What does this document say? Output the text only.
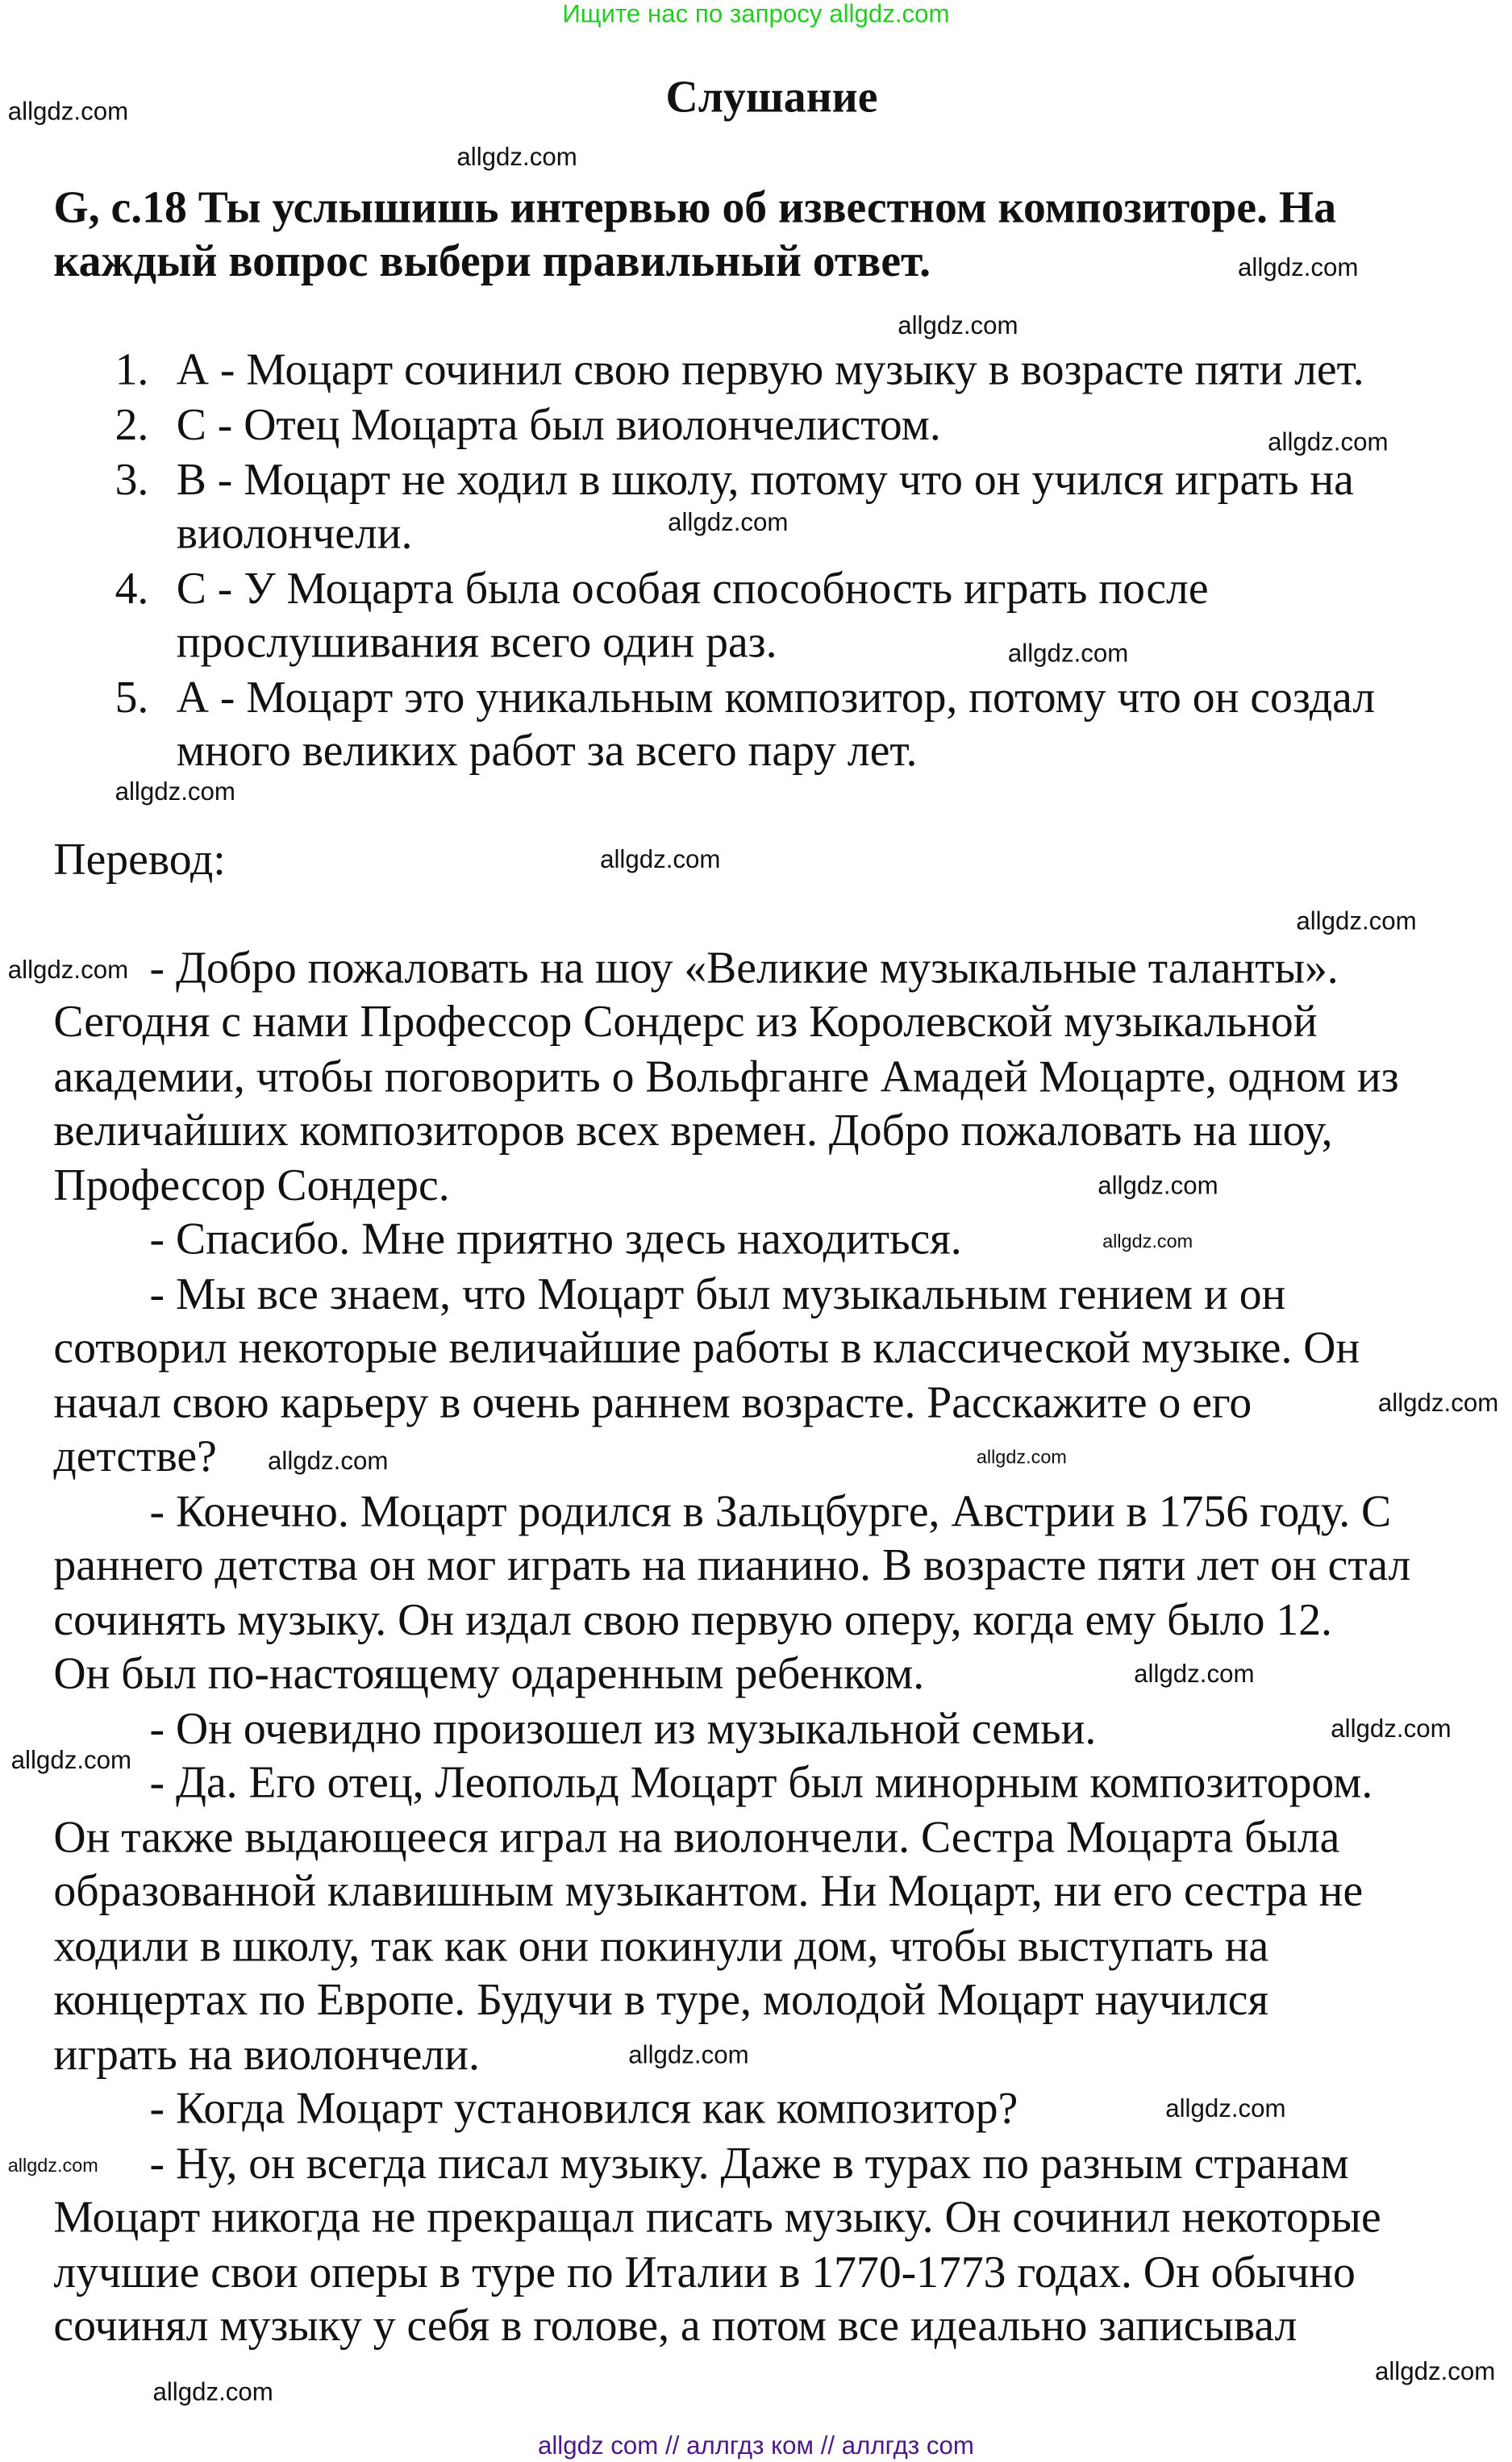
Ищите нас по запросу allgdz.com
Слушание
G, с.18 Ты услышишь интервью об известном композиторе. На
каждый вопрос выбери правильный ответ.
1. А - Моцарт сочинил свою первую музыку в возрасте пяти лет.
2. С - Отец Моцарта был виолончелистом.
3. В - Моцарт не ходил в школу, потому что он учился играть на
виолончели.
4. С - У Моцарта была особая способность играть после
прослушивания всего один раз.
5. А - Моцарт это уникальным композитор, потому что он создал
много великих работ за всего пару лет.
Перевод:
- Добро пожаловать на шоу «Великие музыкальные таланты».
Сегодня с нами Профессор Сондерс из Королевской музыкальной
академии, чтобы поговорить о Вольфганге Амадей Моцарте, одном из
величайших композиторов всех времен. Добро пожаловать на шоу,
Профессор Сондерс.
- Спасибо. Мне приятно здесь находиться.
- Мы все знаем, что Моцарт был музыкальным гением и он
сотворил некоторые величайшие работы в классической музыке. Он
начал свою карьеру в очень раннем возрасте. Расскажите о его
детстве?
- Конечно. Моцарт родился в Зальцбурге, Австрии в 1756 году. С
раннего детства он мог играть на пианино. В возрасте пяти лет он стал
сочинять музыку. Он издал свою первую оперу, когда ему было 12.
Он был по-настоящему одаренным ребенком.
- Он очевидно произошел из музыкальной семьи.
- Да. Его отец, Леопольд Моцарт был минорным композитором.
Он также выдающееся играл на виолончели. Сестра Моцарта была
образованной клавишным музыкантом. Ни Моцарт, ни его сестра не
ходили в школу, так как они покинули дом, чтобы выступать на
концертах по Европе. Будучи в туре, молодой Моцарт научился
играть на виолончели.
- Когда Моцарт установился как композитор?
- Ну, он всегда писал музыку. Даже в турах по разным странам
Моцарт никогда не прекращал писать музыку. Он сочинил некоторые
лучшие свои оперы в туре по Италии в 1770-1773 годах. Он обычно
сочинял музыку у себя в голове, а потом все идеально записывал
allgdz.com
allgdz.com
allgdz.com
allgdz.com
allgdz.com
allgdz.com
allgdz.com
allgdz.com
allgdz.com
allgdz.com
allgdz.com
allgdz.com
allgdz.com
allgdz.com
allgdz.com
allgdz.com
allgdz.com
allgdz.com
allgdz.com
allgdz.com
allgdz.com
allgdz.com
allgdz.com
allgdz.com
allgdz com // аллгдз ком // аллгдз com
